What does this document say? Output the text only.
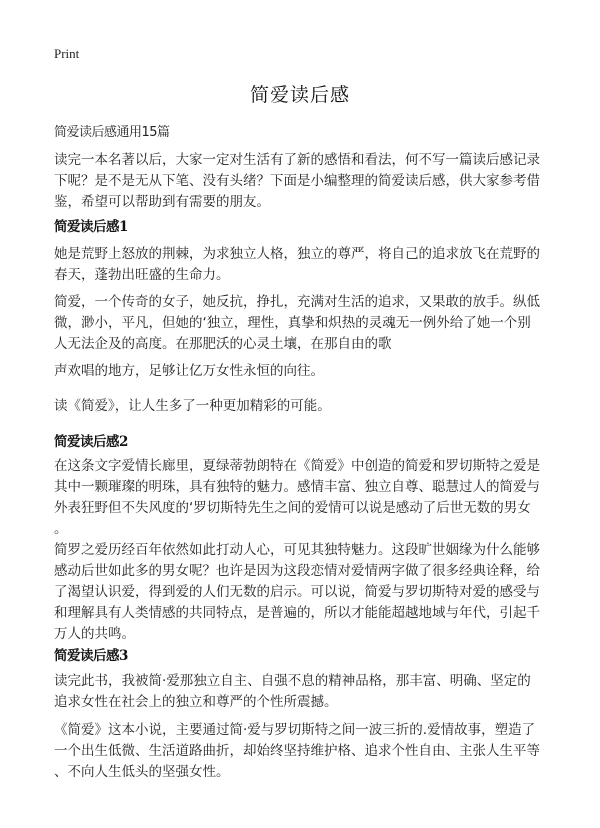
Print
简爱读后感
简爱读后感通用15篇
读完一本名著以后，大家一定对生活有了新的感悟和看法，何不写一篇读后感记录
下呢？是不是无从下笔、没有头绪？下面是小编整理的简爱读后感，供大家参考借
鉴，希望可以帮助到有需要的朋友。
简爱读后感1
她是荒野上怒放的荆棘，为求独立人格，独立的尊严，将自己的追求放飞在荒野的
春天，蓬勃出旺盛的生命力。
简爱，一个传奇的女子，她反抗，挣扎，充满对生活的追求，又果敢的放手。纵低
微，渺小，平凡，但她的‘独立，理性，真挚和炽热的灵魂无一例外给了她一个别
人无法企及的高度。在那肥沃的心灵土壤，在那自由的歌
声欢唱的地方，足够让亿万女性永恒的向往。
读《简爱》，让人生多了一种更加精彩的可能。
简爱读后感2
在这条文字爱情长廊里，夏绿蒂勃朗特在《简爱》中创造的简爱和罗切斯特之爱是
其中一颗璀璨的明珠，具有独特的魅力。感情丰富、独立自尊、聪慧过人的简爱与
外表狂野但不失风度的‘罗切斯特先生之间的爱情可以说是感动了后世无数的男女
。
简罗之爱历经百年依然如此打动人心，可见其独特魅力。这段旷世姻缘为什么能够
感动后世如此多的男女呢？也许是因为这段恋情对爱情两字做了很多经典诠释，给
了渴望认识爱，得到爱的人们无数的启示。可以说，简爱与罗切斯特对爱的感受与
和理解具有人类情感的共同特点，是普遍的，所以才能能超越地域与年代，引起千
万人的共鸣。
简爱读后感3
读完此书，我被简·爱那独立自主、自强不息的精神品格，那丰富、明确、坚定的
追求女性在社会上的独立和尊严的个性所震撼。
《简爱》这本小说，主要通过简·爱与罗切斯特之间一波三折的.爱情故事，塑造了
一个出生低微、生活道路曲折，却始终坚持维护格、追求个性自由、主张人生平等
、不向人生低头的坚强女性。
